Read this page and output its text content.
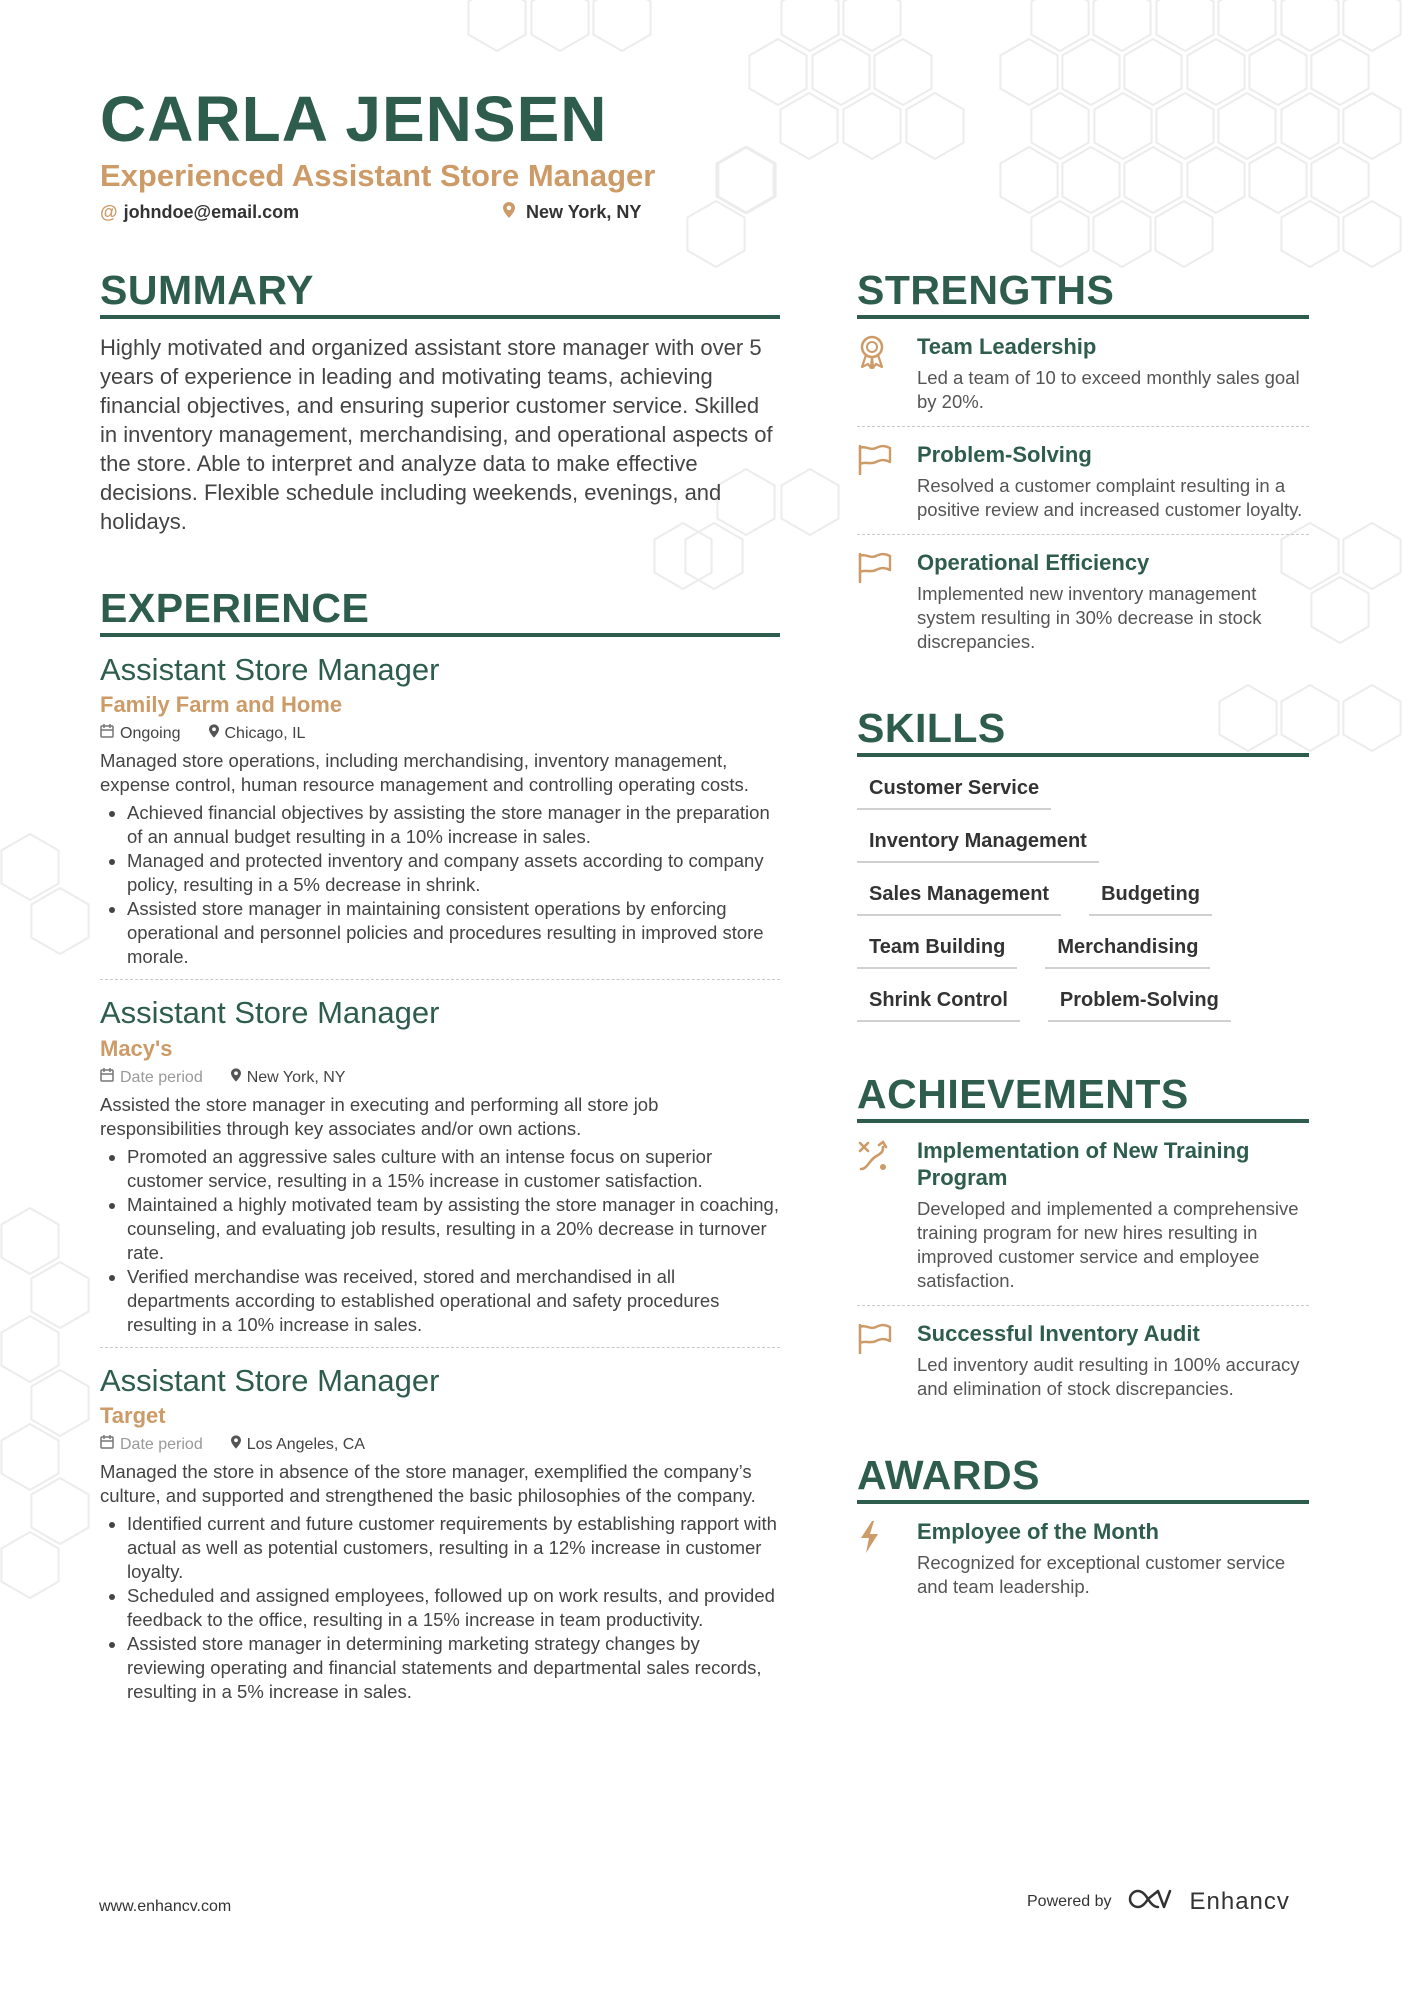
CARLA JENSEN
Experienced Assistant Store Manager
@ johndoe@email.com	New York, NY
SUMMARY
Highly motivated and organized assistant store manager with over 5 years of experience in leading and motivating teams, achieving financial objectives, and ensuring superior customer service. Skilled in inventory management, merchandising, and operational aspects of the store. Able to interpret and analyze data to make effective decisions. Flexible schedule including weekends, evenings, and holidays.
EXPERIENCE
Assistant Store Manager
Family Farm and Home
Ongoing	Chicago, IL
Managed store operations, including merchandising, inventory management, expense control, human resource management and controlling operating costs.
• Achieved financial objectives by assisting the store manager in the preparation of an annual budget resulting in a 10% increase in sales.
• Managed and protected inventory and company assets according to company policy, resulting in a 5% decrease in shrink.
• Assisted store manager in maintaining consistent operations by enforcing operational and personnel policies and procedures resulting in improved store morale.
Assistant Store Manager
Macy's
Date period	New York, NY
Assisted the store manager in executing and performing all store job responsibilities through key associates and/or own actions.
• Promoted an aggressive sales culture with an intense focus on superior customer service, resulting in a 15% increase in customer satisfaction.
• Maintained a highly motivated team by assisting the store manager in coaching, counseling, and evaluating job results, resulting in a 20% decrease in turnover rate.
• Verified merchandise was received, stored and merchandised in all departments according to established operational and safety procedures resulting in a 10% increase in sales.
Assistant Store Manager
Target
Date period	Los Angeles, CA
Managed the store in absence of the store manager, exemplified the company’s culture, and supported and strengthened the basic philosophies of the company.
• Identified current and future customer requirements by establishing rapport with actual as well as potential customers, resulting in a 12% increase in customer loyalty.
• Scheduled and assigned employees, followed up on work results, and provided feedback to the office, resulting in a 15% increase in team productivity.
• Assisted store manager in determining marketing strategy changes by reviewing operating and financial statements and departmental sales records, resulting in a 5% increase in sales.
STRENGTHS
Team Leadership
Led a team of 10 to exceed monthly sales goal by 20%.
Problem-Solving
Resolved a customer complaint resulting in a positive review and increased customer loyalty.
Operational Efficiency
Implemented new inventory management system resulting in 30% decrease in stock discrepancies.
SKILLS
Customer Service
Inventory Management
Sales Management	Budgeting
Team Building	Merchandising
Shrink Control	Problem-Solving
ACHIEVEMENTS
Implementation of New Training Program
Developed and implemented a comprehensive training program for new hires resulting in improved customer service and employee satisfaction.
Successful Inventory Audit
Led inventory audit resulting in 100% accuracy and elimination of stock discrepancies.
AWARDS
Employee of the Month
Recognized for exceptional customer service and team leadership.
www.enhancv.com	Powered by	Enhancv
